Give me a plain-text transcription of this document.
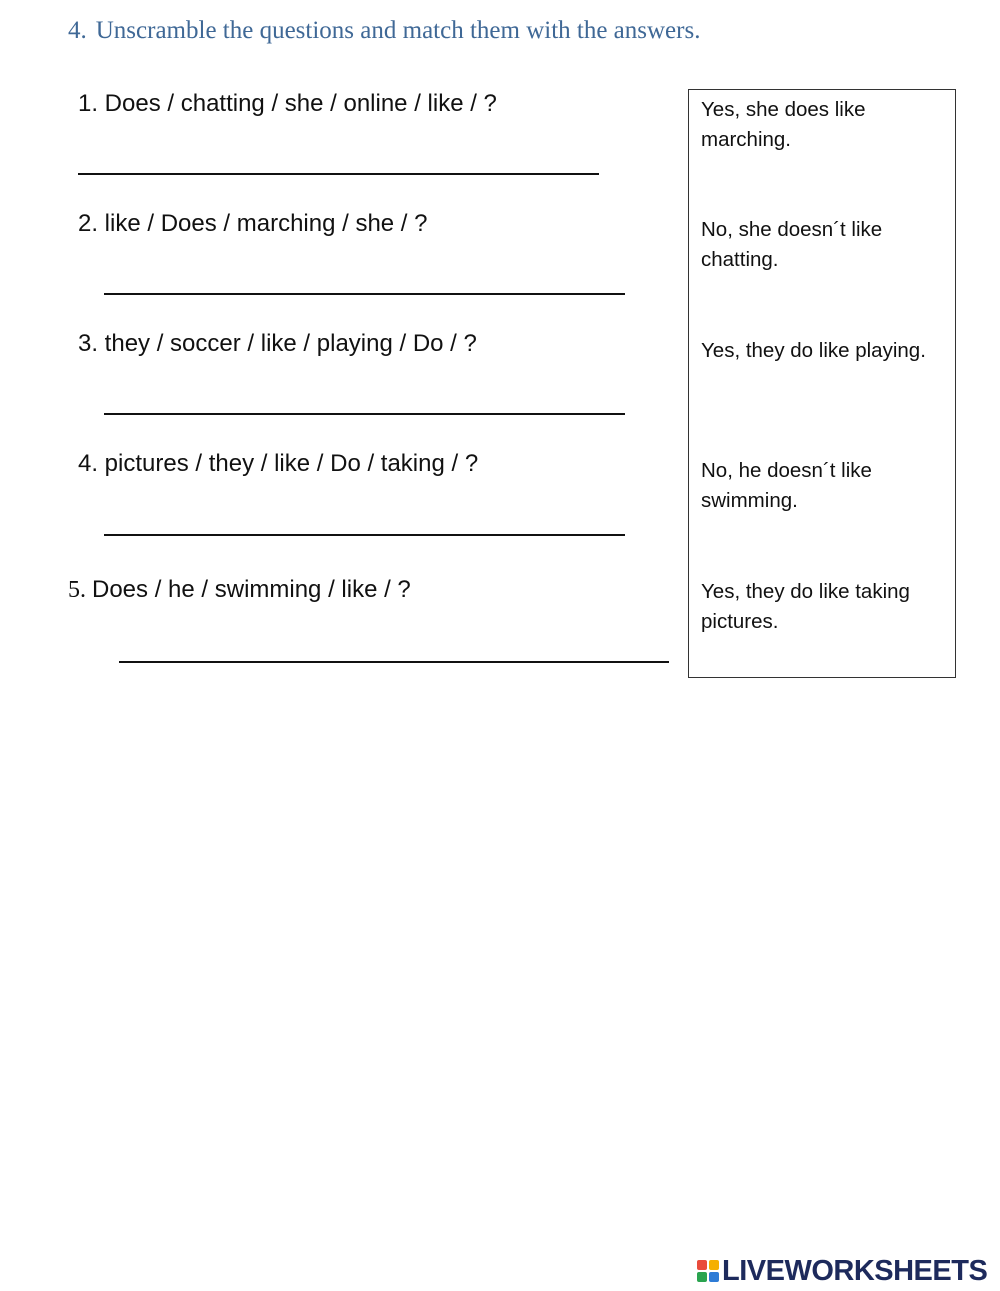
4. Unscramble the questions and match them with the answers.
1. Does / chatting / she / online / like / ?
2. like / Does / marching / she / ?
3. they / soccer / like / playing / Do / ?
4. pictures / they / like / Do / taking / ?
5. Does / he / swimming / like / ?
Yes, she does like marching.
No, she doesn´t like chatting.
Yes, they do like playing.
No, he doesn´t like swimming.
Yes, they do like taking pictures.
LIVEWORKSHEETS
